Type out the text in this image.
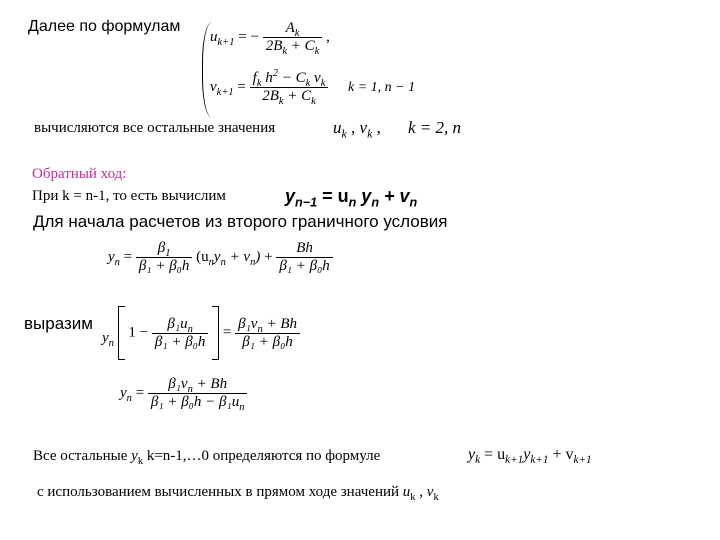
Далее по формулам
$u_{k+1}$ = − $\frac{A_k}{2B_k + C_k}$ ,
$v_{k+1} = \frac{f_k h^2 - C_k v_k}{2B_k + C_k}$ k = 1, n − 1
вычисляются все остальные значения	$u_k$ , $v_k$ , k = 2, n
Обратный ход:
При k = n-1, то есть вычислим	$y_{n-1} = u_n$ $y_n + v_n$
Для начала расчетов из второго граничного условия
$y_n = \frac{\beta_1}{\text{β₁ + β₀h}} (u_ny_n + v_n) + \frac{Bh}{\text{β₁ + β₀h}}$
выразим
$y_n$  $1 - \frac{\beta_1u_n}{\text{β₁ + β₀h}} = \frac{\beta_1v_n + Bh}{\text{β₁ + β₀h}}$
$y_n = \frac{\beta_1v_n + Bh}{\beta_1 + \beta_0h - \beta_1u_n}$
Все остальные $y_k$ k=n-1,…0 определяются по формуле	$y_k = u_{k+1}y_{k+1} + v_{k+1}$
с использованием вычисленных в прямом ходе значений $u_k$ , $v_k$
